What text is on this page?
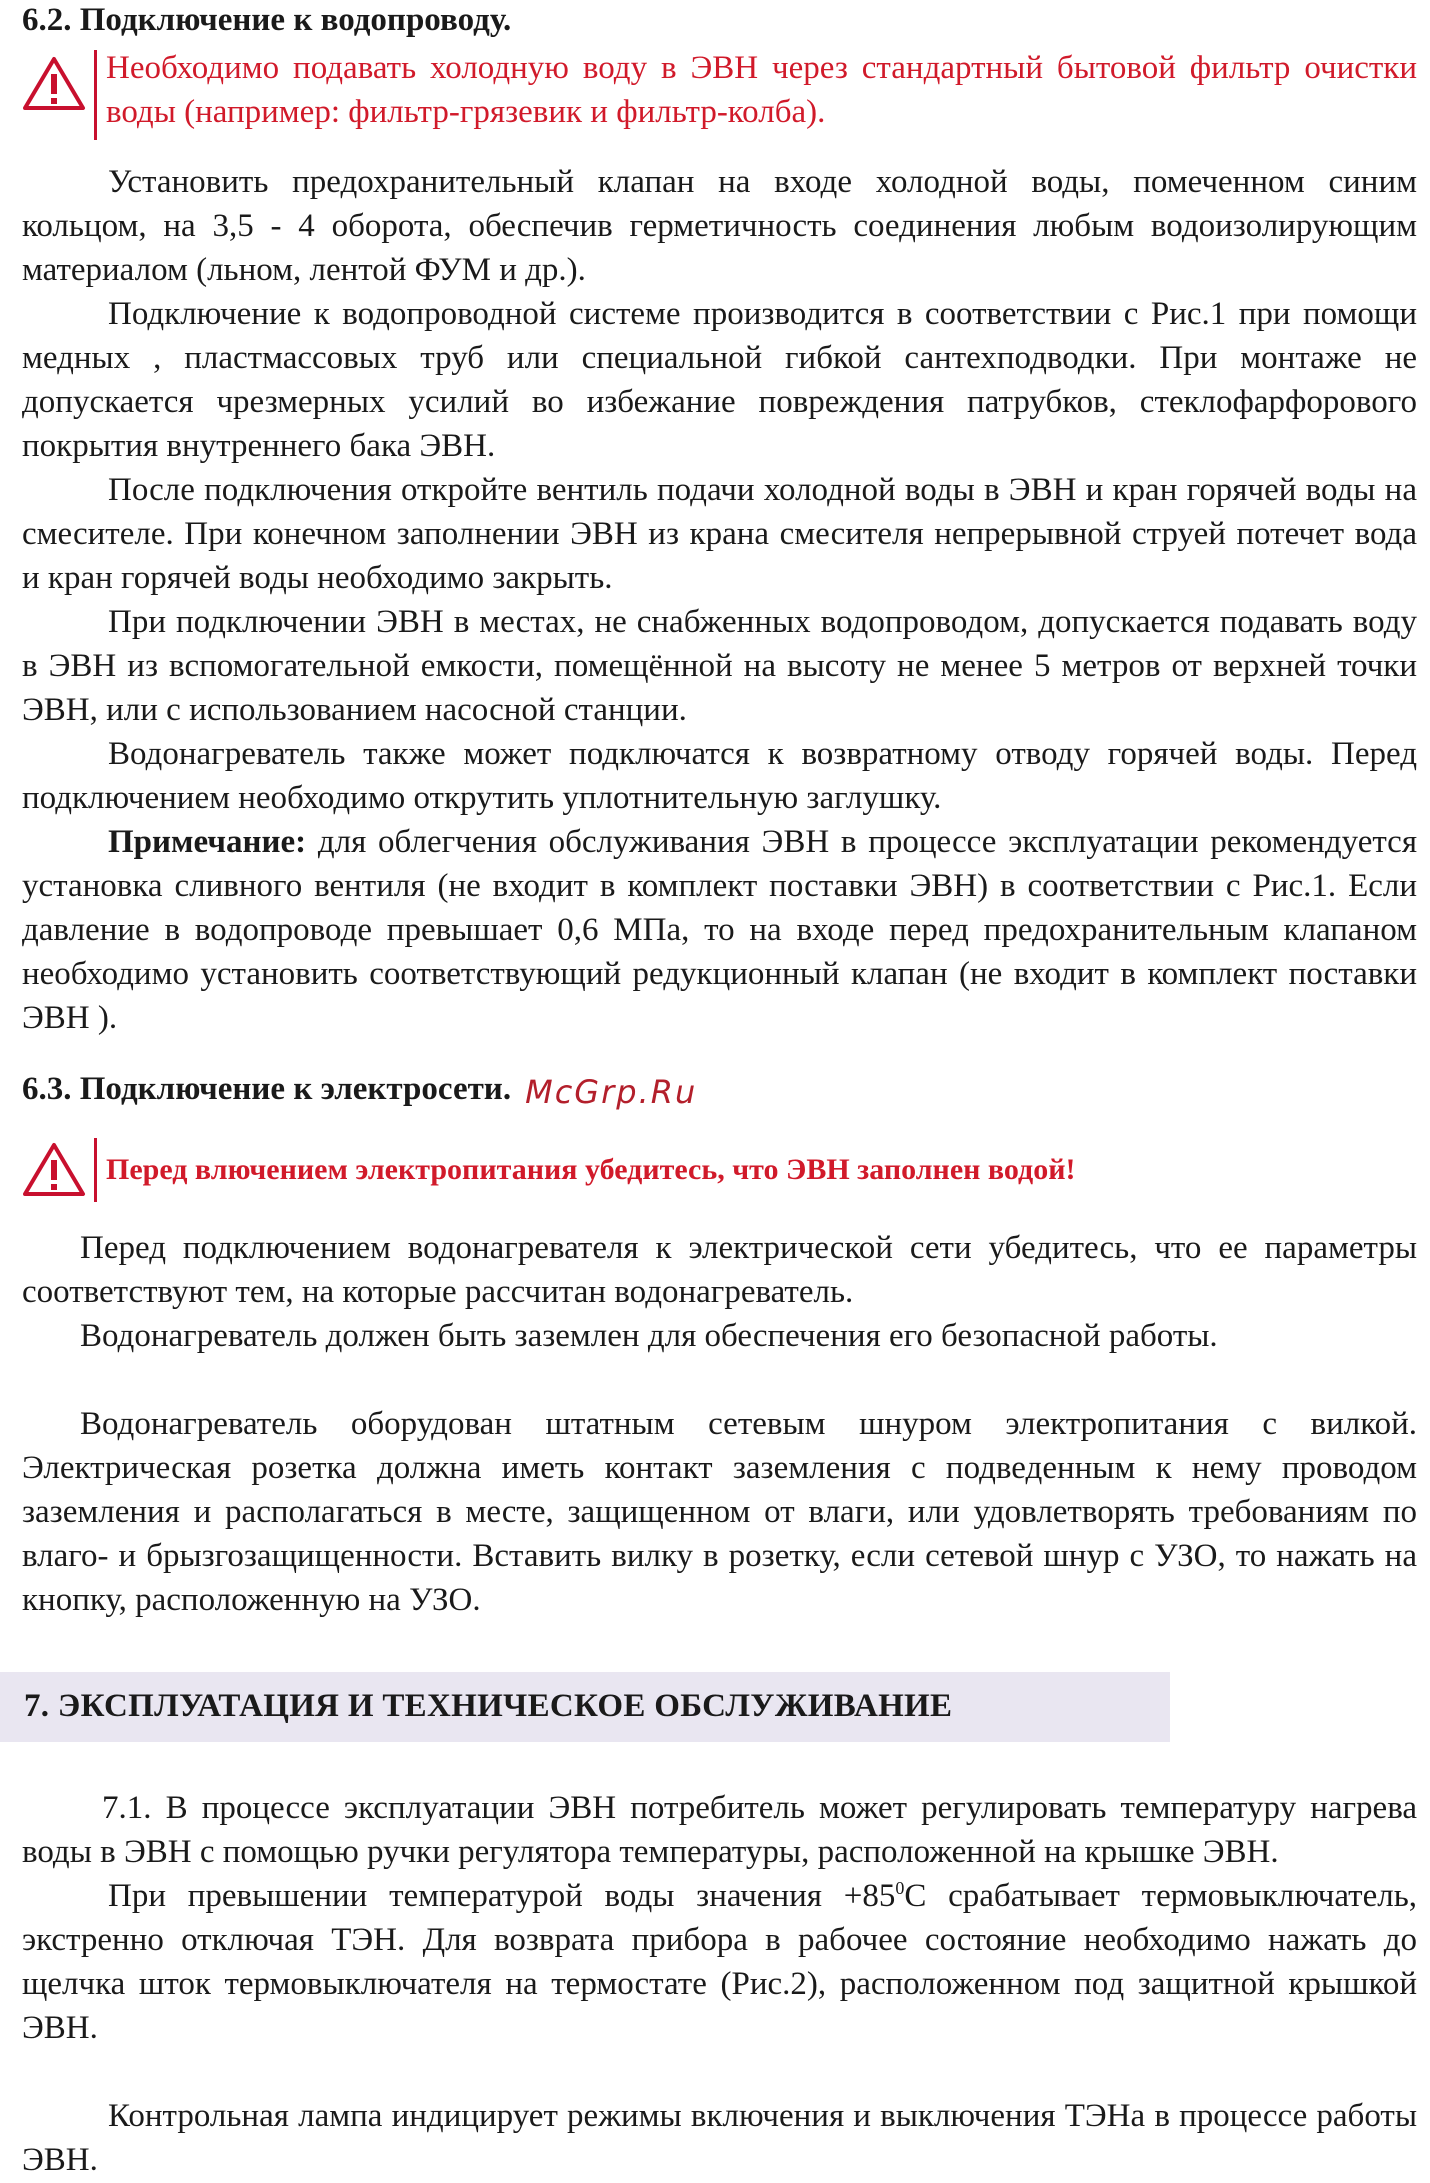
6.2. Подключение к водопроводу.
Необходимо подавать холодную воду в ЭВН через стандартный бытовой фильтр очистки воды (например: фильтр-грязевик и фильтр-колба).

Установить предохранительный клапан на входе холодной воды, помеченном синим кольцом, на 3,5 - 4 оборота, обеспечив герметичность соединения любым водоизолирующим материалом (льном, лентой ФУМ и др.).

Подключение к водопроводной системе производится в соответствии с Рис.1 при помощи медных , пластмассовых труб или специальной гибкой сантехподводки. При монтаже не допускается чрезмерных усилий во избежание повреждения патрубков, стеклофарфорового покрытия внутреннего бака ЭВН.

После подключения откройте вентиль подачи холодной воды в ЭВН и кран горячей воды на смесителе. При конечном заполнении ЭВН из крана смесителя непрерывной струей потечет вода и кран горячей воды необходимо закрыть.

При подключении ЭВН в местах, не снабженных водопроводом, допускается подавать воду в ЭВН из вспомогательной емкости, помещённой на высоту не менее 5 метров от верхней точки ЭВН, или с использованием насосной станции.

Водонагреватель также может подключатся к возвратному отводу горячей воды. Перед подключением необходимо открутить уплотнительную заглушку.

Примечание: для облегчения обслуживания ЭВН в процессе эксплуатации рекомендуется установка сливного вентиля (не входит в комплект поставки ЭВН) в соответствии с Рис.1. Если давление в водопроводе превышает 0,6 МПа, то на входе перед предохранительным клапаном необходимо установить соответствующий редукционный клапан (не входит в комплект поставки ЭВН ).

6.3. Подключение к электросети. McGrp.Ru
Перед влючением электропитания убедитесь, что ЭВН заполнен водой!

Перед подключением водонагревателя к электрической сети убедитесь, что ее параметры соответствуют тем, на которые рассчитан водонагреватель.

Водонагреватель должен быть заземлен для обеспечения его безопасной работы.

Водонагреватель оборудован штатным сетевым шнуром электропитания с вилкой. Электрическая розетка должна иметь контакт заземления с подведенным к нему проводом заземления и располагаться в месте, защищенном от влаги, или удовлетворять требованиям по влаго- и брызгозащищенности. Вставить вилку в розетку, если сетевой шнур с УЗО, то нажать на кнопку, расположенную на УЗО.

7. ЭКСПЛУАТАЦИЯ И ТЕХНИЧЕСКОЕ ОБСЛУЖИВАНИЕ

7.1. В процессе эксплуатации ЭВН потребитель может регулировать температуру нагрева воды в ЭВН с помощью ручки регулятора температуры, расположенной на крышке ЭВН.

При превышении температурой воды значения $+85^0С$ срабатывает термовыключатель, экстренно отключая ТЭН. Для возврата прибора в рабочее состояние необходимо нажать до щелчка шток термовыключателя на термостате (Рис.2), расположенном под защитной крышкой ЭВН.

Контрольная лампа индицирует режимы включения и выключения ТЭНа в процессе работы ЭВН.
